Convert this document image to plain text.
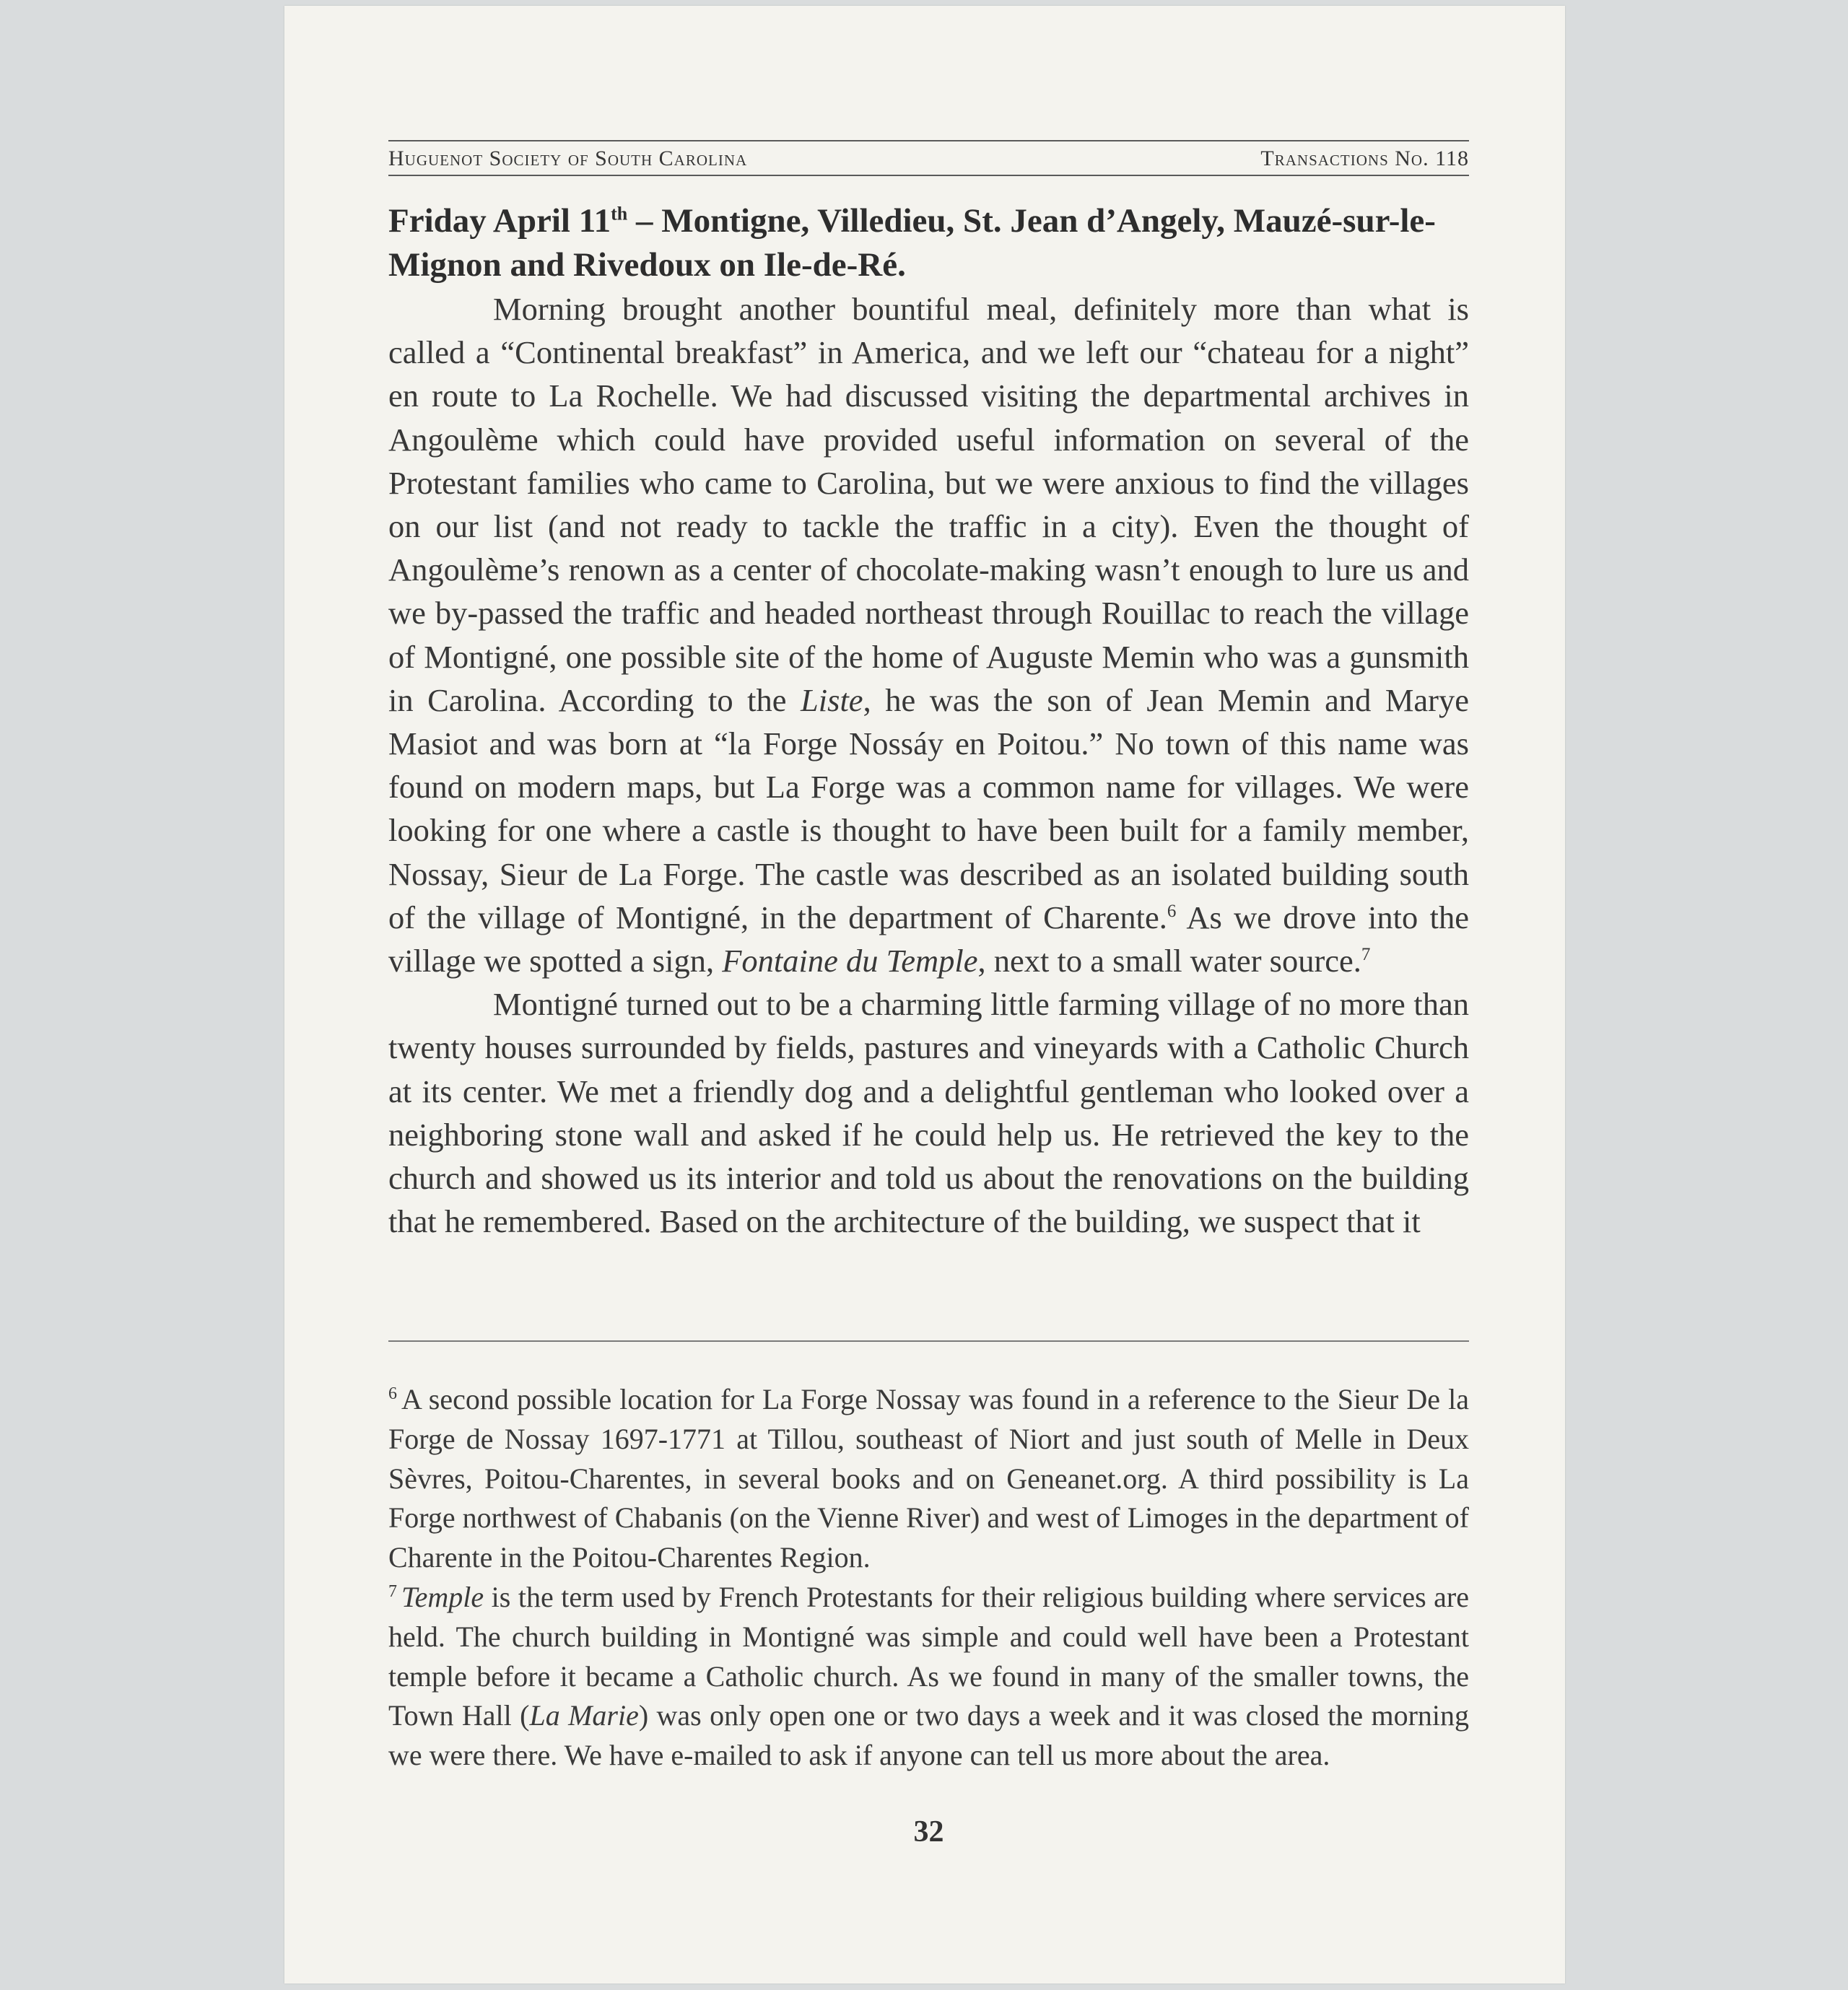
Huguenot Society of South Carolina	Transactions No. 118
Friday April 11th – Montigne, Villedieu, St. Jean d’Angely, Mauzé-sur-le-Mignon and Rivedoux on Ile-de-Ré.

Morning brought another bountiful meal, definitely more than what is called a “Continental breakfast” in America, and we left our “chateau for a night” en route to La Rochelle. We had discussed visiting the departmental archives in Angoulème which could have provided useful information on several of the Protestant families who came to Carolina, but we were anxious to find the villages on our list (and not ready to tackle the traffic in a city). Even the thought of Angoulème’s renown as a center of chocolate-making wasn’t enough to lure us and we by-passed the traffic and headed northeast through Rouillac to reach the village of Montigné, one possible site of the home of Auguste Memin who was a gunsmith in Carolina. According to the Liste, he was the son of Jean Memin and Marye Masiot and was born at “la Forge Nossáy en Poitou.” No town of this name was found on modern maps, but La Forge was a common name for villages. We were looking for one where a castle is thought to have been built for a family member, Nossay, Sieur de La Forge. The castle was described as an isolated building south of the village of Montigné, in the department of Charente.$^6$ As we drove into the village we spotted a sign, Fontaine du Temple, next to a small water source.$^7$

Montigné turned out to be a charming little farming village of no more than twenty houses surrounded by fields, pastures and vineyards with a Catholic Church at its center. We met a friendly dog and a delightful gentleman who looked over a neighboring stone wall and asked if he could help us. He retrieved the key to the church and showed us its interior and told us about the renovations on the building that he remembered. Based on the architecture of the building, we suspect that it

$^6$ A second possible location for La Forge Nossay was found in a reference to the Sieur De la Forge de Nossay 1697-1771 at Tillou, southeast of Niort and just south of Melle in Deux Sèvres, Poitou-Charentes, in several books and on Geneanet.org. A third possibility is La Forge northwest of Chabanis (on the Vienne River) and west of Limoges in the department of Charente in the Poitou-Charentes Region.

$^7$ Temple is the term used by French Protestants for their religious building where services are held. The church building in Montigné was simple and could well have been a Protestant temple before it became a Catholic church. As we found in many of the smaller towns, the Town Hall (La Marie) was only open one or two days a week and it was closed the morning we were there. We have e-mailed to ask if anyone can tell us more about the area.

32
